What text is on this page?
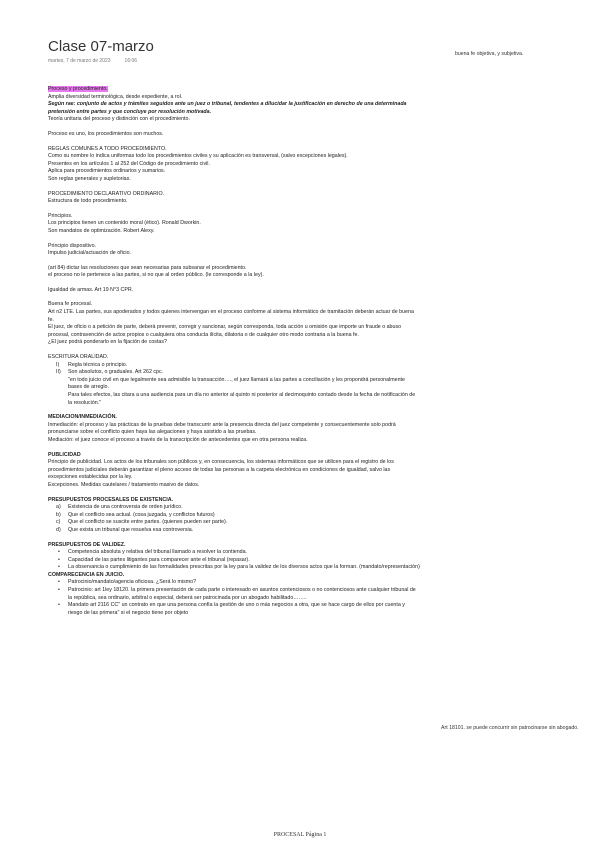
Clase 07-marzo
martes, 7 de marzo de 2023	16:06
buena fe objetiva, y subjetiva.
Art 18101. se puede concurrir sin patrocinarse sin abogado.

Proceso y procedimiento.

Amplia diversidad terminológica, desde expediente, a rol.

Según rae: conjunto de actos y trámites seguidos ante un juez o tribunal, tendentes a dilucidar la justificación en derecho de una determinada pretensión entre partes y que concluye por resolución motivada.

Teoría unitaria del proceso y distinción con el procedimiento.

Proceso es uno, los procedimientos son muchos.

REGLAS COMUNES A TODO PROCEDIMIENTO.

Como su nombre lo indica uniformas todo los procedimientos civiles y su aplicación es transversal, (salvo excepciones legales).

Presentes en los artículos 1 al 252 del Código de procedimiento civil.

Aplica para procedimientos ordinarios y sumarios.

Son reglas generales y supletorias.

PROCEDIMIENTO DECLARATIVO ORDINARIO.

Estructura de todo procedimiento.

Principios.

Los principios tienen un contenido moral (ético). Ronald Dworkin.

Son mandatos de optimización. Robert Alexy.

Principio dispositivo.

Impulso judicial/actuación de oficio.

(art 84) dictar las resoluciones que sean necesarias para subsanar el procedimiento.

el proceso no le pertenece a las partes, si no que al orden público. (le corresponde a la ley).

Igualdad de armas. Art 19 N°3 CPR.

Buena fe procesal.

Art n2 LTE. Las partes, sus apoderados y todos quienes intervengan en el proceso conforme al sistema informático de tramitación deberán actuar de buena fe.

El juez, de oficio o a petición de parte, deberá prevenir, corregir y sancionar, según corresponda, toda acción u omisión que importe un fraude o abuso procesal, contravención de actos propios o cualquiera otra conducta ilícita, dilatoria o de cualquier otro modo contraria a la buena fe.

¿El juez podrá ponderarlo en la fijación de costas?

ESCRITURA ORALIDAD.

I) Regla técnica o principio.
II) Son absolutos, o graduales. Art 262 cpc.

"en todo juicio civil en que legalmente sea admisible la transacción…., el juez llamará a las partes a conciliación y les propondrá personalmente bases de arreglo.

Para tales efectos, las citara a una audiencia para un día no anterior al quinto ni posterior al decimoquinto contado desde la fecha de notificación de la resolución."

MEDIACION/INMEDIACIÓN.

Inmediación: el proceso y las prácticas de la pruebas debe transcurrir ante la presencia directa del juez competente y consecuentemente solo podrá pronunciarse sobre el conflicto quien haya las alegaciones y haya asistido a las pruebas.

Mediación: el juez conoce el proceso a través de la transcripción de antecedentes que en otra persona realiza.

PUBLICIDAD

Principio de publicidad. Los actos de los tribunales son públicos y, en consecuencia, los sistemas informáticos que se utilicen para el registro de los procedimientos judiciales deberán garantizar el pleno acceso de todas las personas a la carpeta electrónica en condiciones de igualdad, salvo las excepciones establecidas por la ley.

Excepciones. Medidas cautelares / tratamiento masivo de datos.

PRESUPUESTOS PROCESALES DE EXISTENCIA.

a) Existencia de una controversia de orden jurídico.
b) Que el conflicto sea actual. (cosa juzgada, y conflictos futuros)
c) Que el conflicto se suscite entre partes. (quienes pueden ser parte).
d) Que exista un tribunal que resuelva esa controversia.

PRESUPUESTOS DE VALIDEZ.

• Competencia absoluta y relativa del tribunal llamado a resolver la contienda.
• Capacidad de las partes litigantes para comparecer ante el tribunal (repasar).
• La observancia o cumplimiento de las formalidades prescritas por la ley para la validez de los diversos actos que la forman. (mandato/representación)

COMPARECENCIA EN JUICIO.

• Patrocinio/mandato/agencia oficiosa. ¿Será lo mismo?
• Patrocinio: art 1ley 18120. la primera presentación de cada parte o interesado en asuntos contenciosos o no contenciosos ante cualquier tribunal de la república, sea ordinario, arbitral o especial, deberá ser patrocinada por un abogado habilitado……..
• Mandato art 2116 CC" un contrato en que una persona confía la gestión de uno o más negocios a otra, que se hace cargo de ellos por cuenta y riesgo de las primera" si el negocio tiene por objeto
PROCESAL Página 1
